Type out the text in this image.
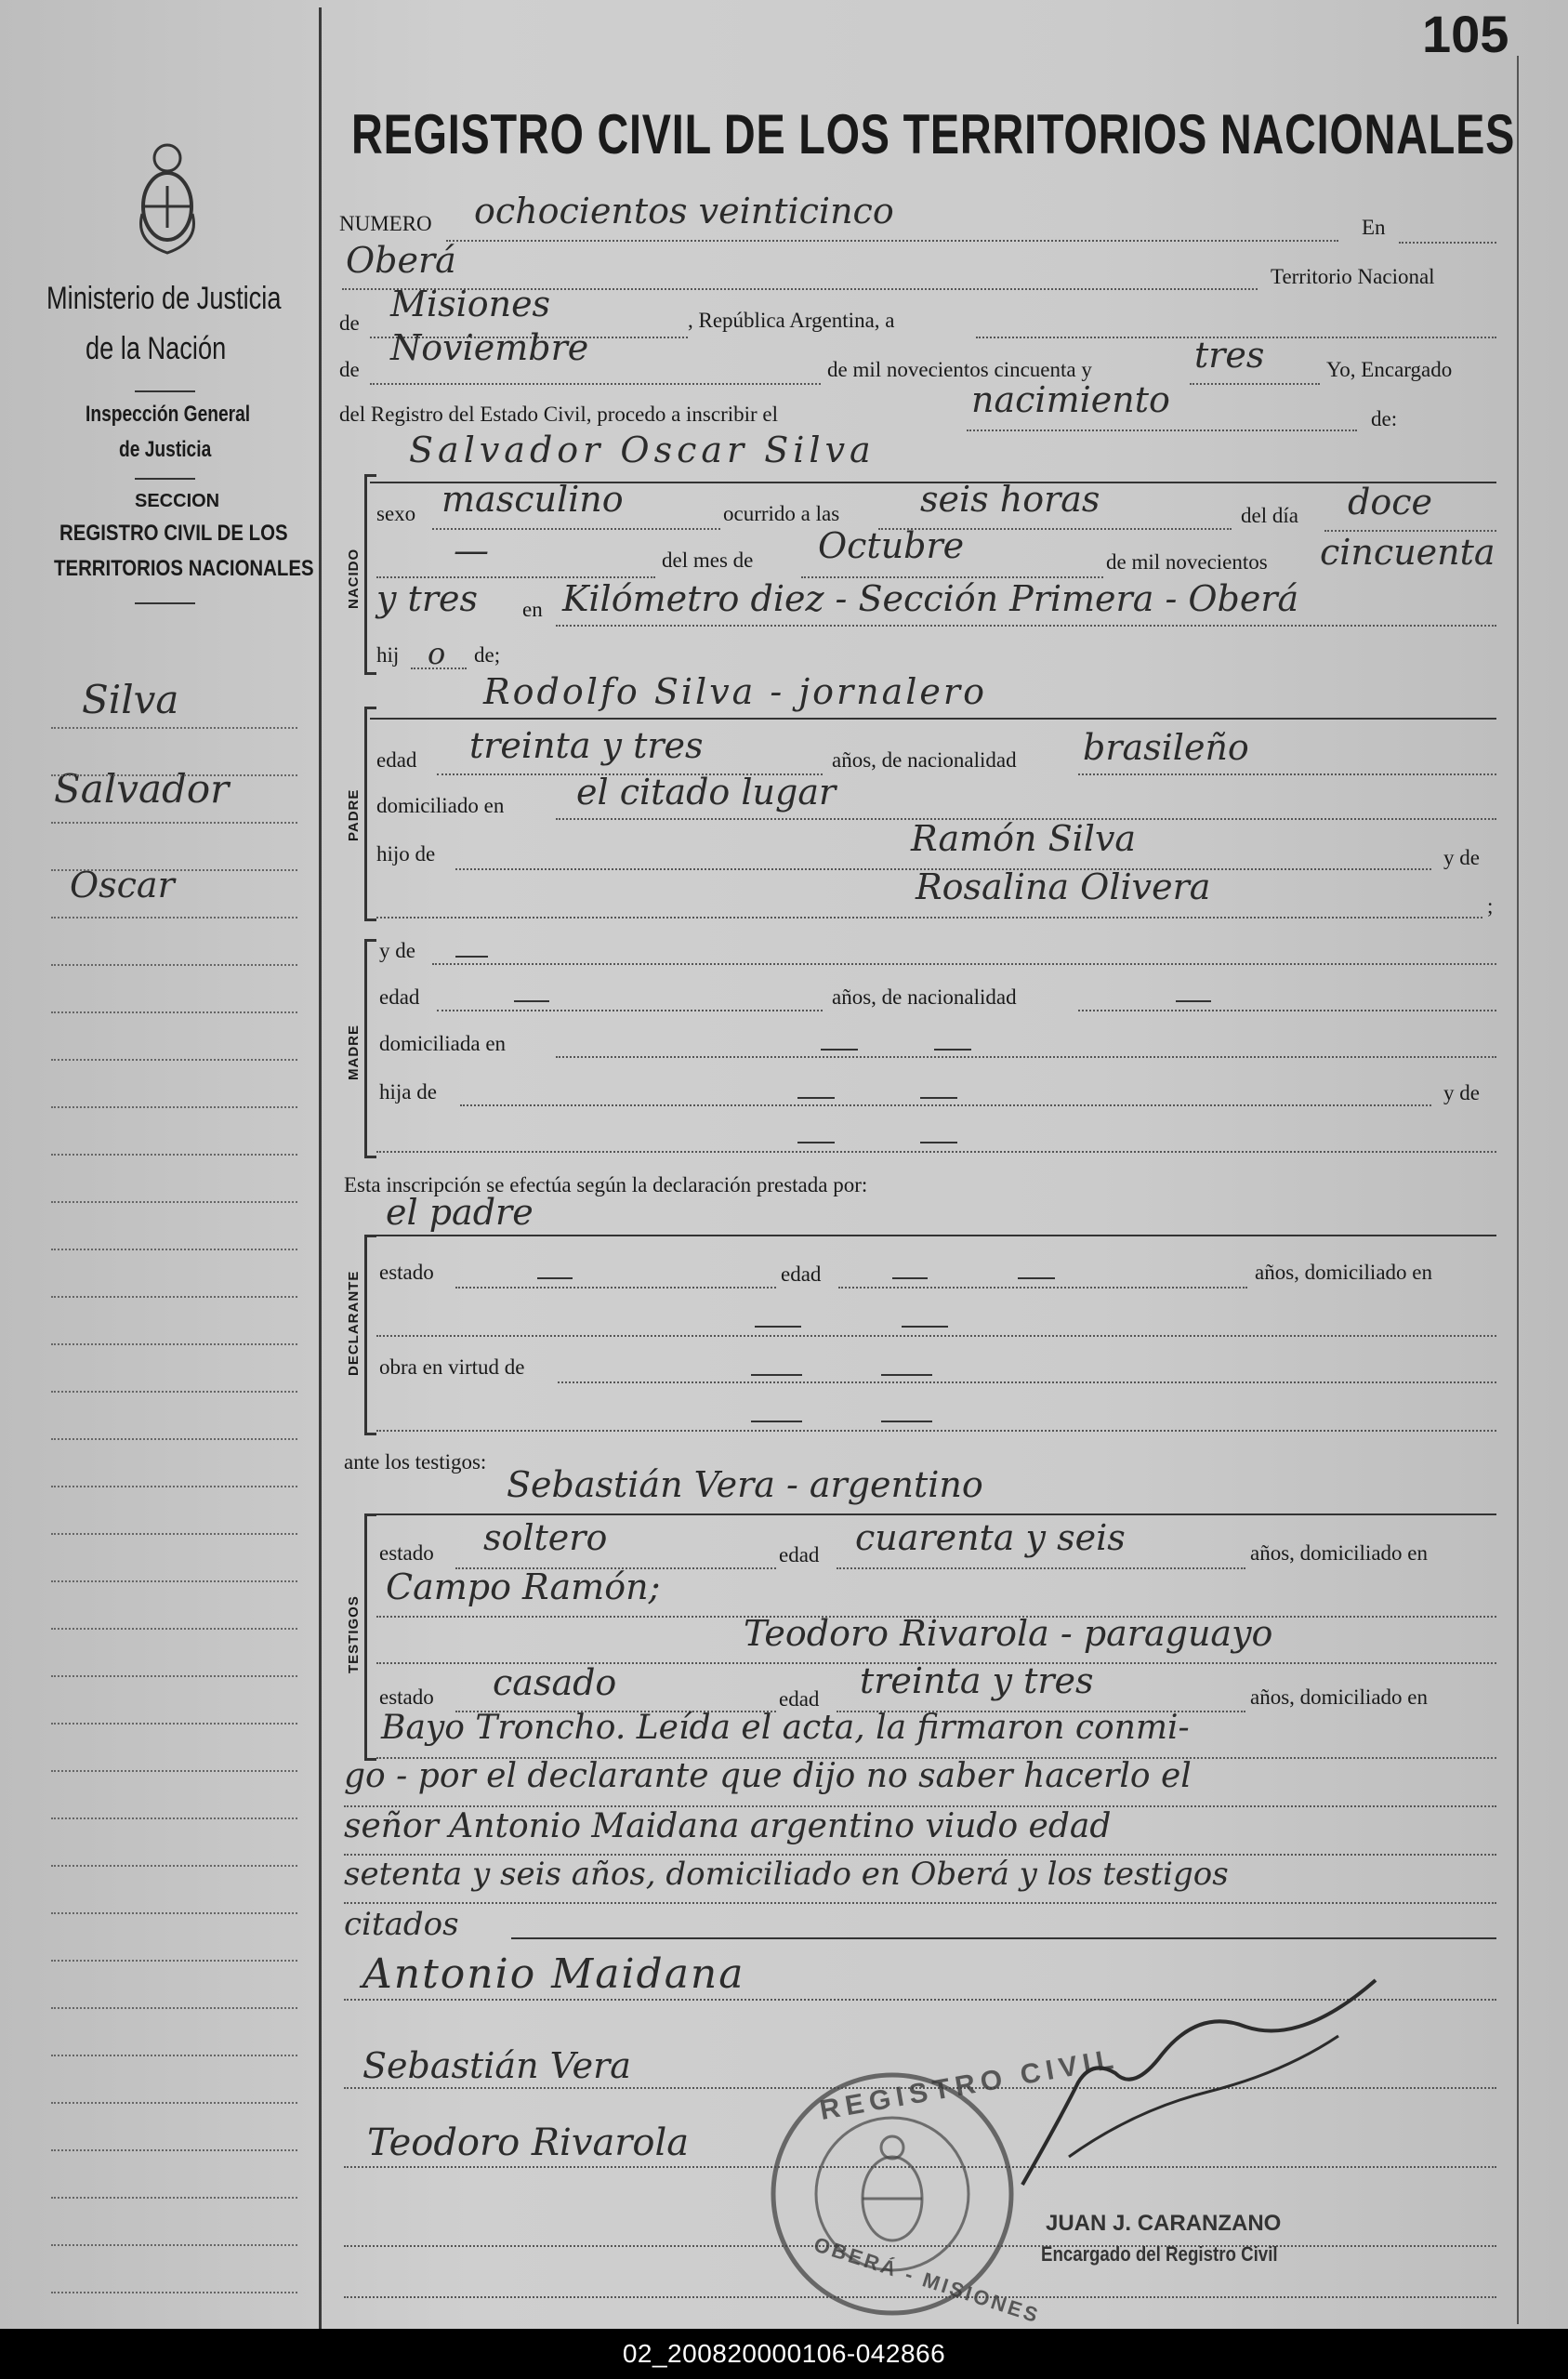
105
REGISTRO CIVIL DE LOS TERRITORIOS NACIONALES
Ministerio de Justicia
de la Nación
Inspección General
de Justicia
SECCION
REGISTRO CIVIL DE LOS
TERRITORIOS NACIONALES
Silva
Salvador
Oscar
NUMERO ochocientos veinticinco	En
Oberá	Territorio Nacional
de Misiones	, República Argentina, a
de
Noviembre
de mil novecientos cincuenta y	tres	Yo, Encargado
del Registro del Estado Civil, procedo a inscribir el	nacimiento	de:
Salvador Oscar Silva
NACIDO
sexo masculino	ocurrido a las seis horas	del día doce
—	del mes de Octubre	de mil novecientos cincuenta
y tres en Kilómetro diez - Sección Primera - Oberá
hij o de;
PADRE
Rodolfo Silva - jornalero
edad treinta y tres	años, de nacionalidad brasileño
domiciliado en el citado lugar
hijo de	Ramón Silva	y de
Rosalina Olivera	;
MADRE
y de
edad	años, de nacionalidad
domiciliada en
hija de	y de
Esta inscripción se efectúa según la declaración prestada por:
el padre
DECLARANTE estado	edad	años, domiciliado en
obra en virtud de
ante los testigos:
Sebastián Vera - argentino
TESTIGOS
estado soltero	edad cuarenta y seis	años, domiciliado en
Campo Ramón;
Teodoro Rivarola - paraguayo
estado casado	edad treinta y tres	años, domiciliado en
Bayo Troncho. Leída el acta, la firmaron conmi-
go - por el declarante que dijo no saber hacerlo el
señor Antonio Maidana argentino viudo edad
setenta y seis años, domiciliado en Oberá y los testigos
citados
Antonio Maidana
Sebastián Vera
Teodoro Rivarola
REGISTRO CIVIL
OBERÁ - MISIONES
JUAN J. CARANZANO
Encargado del Registro Civil
02_200820000106-042866
